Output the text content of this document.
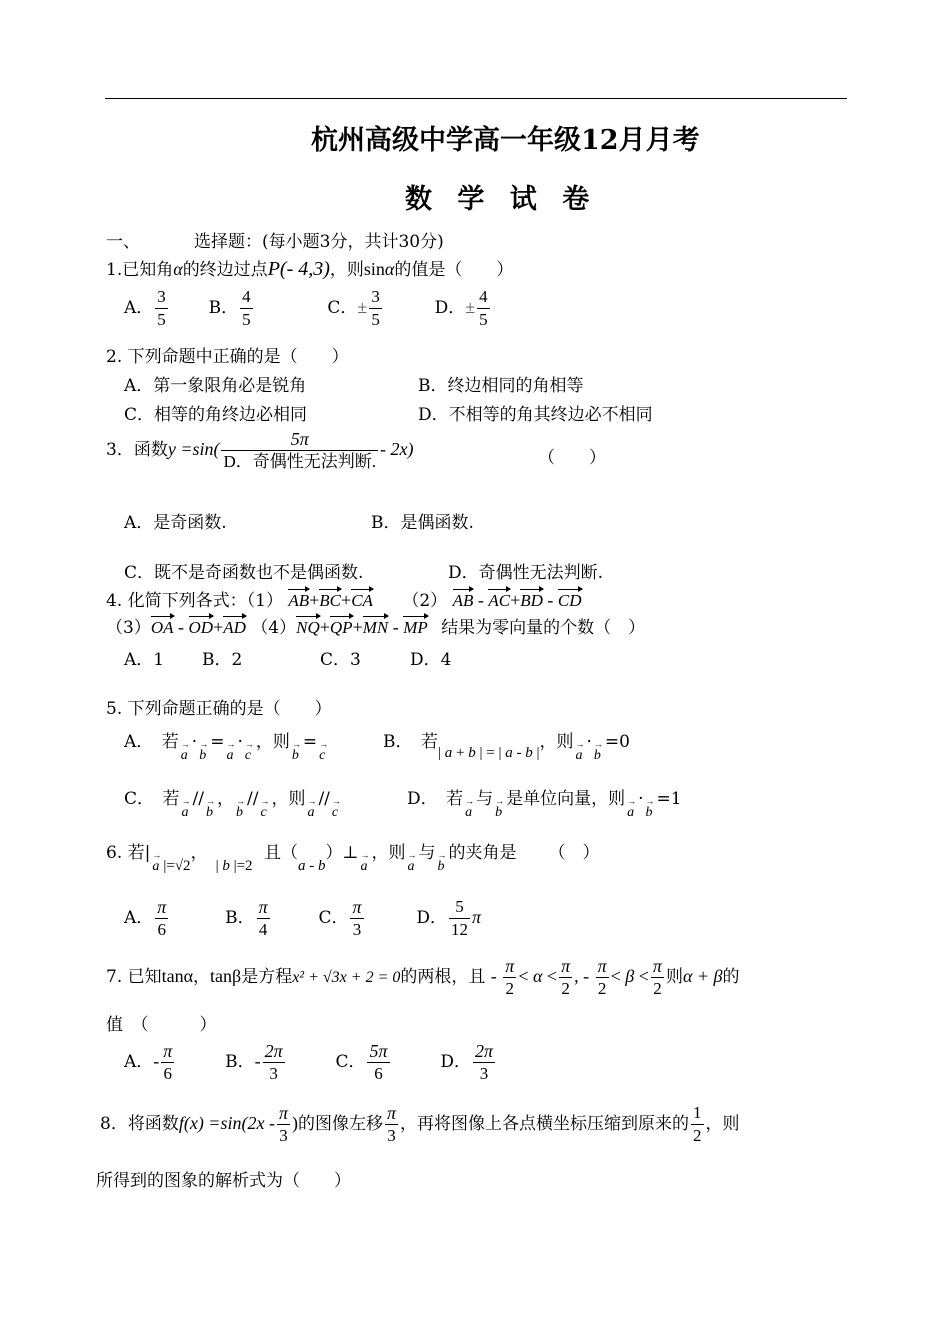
杭州高级中学高一年级12月月考
数 学 试 卷
一、	选择题：(每小题3分，共计30分)
1.已知角α的终边过点P(- 4,3)，则sinα的值是（　　）
A． $\frac{3}{5}$ B． $\frac{4}{5}$	C．± $\frac{3}{5}$	D．± $\frac{4}{5}$
2. 下列命题中正确的是（　　）
A．第一象限角必是锐角	B．终边相同的角相等
C．相等的角终边必相同	D．不相等的角其终边必不相同
3．函数$y =\sin( \frac{5\pi}{\text{D．奇偶性无法判断.}} - 2x)$	（　　）
A．是奇函数.	B．是偶函数.
C．既不是奇函数也不是偶函数.	D．奇偶性无法判断.
4. 化简下列各式：（1） AB+BC+CA （2） AB - AC+BD - CD
（3）OA - OD+AD （4）NQ+QP+MN - MP 结果为零向量的个数（　）
A．1 B．2	C．3	D．4
5. 下列命题正确的是（　　）
A．　若 →
a· →
b= →
a· →
c，则 →
b= →
c
B．　若| a + b | = | a - b |，则 →
a· →
b=0
C．　若 →
a// →
b， →
b// →
c，则 →
a// →
c
D．　若 →
a与 →
b是单位向量，则 →
a· →
b=1
6. 若| →
a |=√2，| b |=2 且（a - b）⊥ →
a，则 →
a与 →
b的夹角是 （　）
A． $\frac{\pi}{6}$	B． $\frac{\pi}{4}$	C． $\frac{\pi}{3}$	D． $\frac{5}{12}$ π
7. 已知tanα，tanβ是方程x² + √3x + 2 = 0的两根，且 - $\frac{\pi}{2} < \alpha < \frac{\pi}{2}$ , - $\frac{\pi}{2} < \beta < \frac{\pi}{2}$ 则α + β的
值　（　　　）
A．- $\frac{\pi}{6}$	B．- $\frac{2\pi}{3}$	C． $\frac{5\pi}{6}$	D． $\frac{2\pi}{3}$
8．将函数$f(x) =\sin(2x - \frac{\pi}{3}$ )的图像左移 $\frac{\pi}{3}$ ，再将图像上各点横坐标压缩到原来的 $\frac{1}{2}$ ，则
所得到的图象的解析式为（　　）
